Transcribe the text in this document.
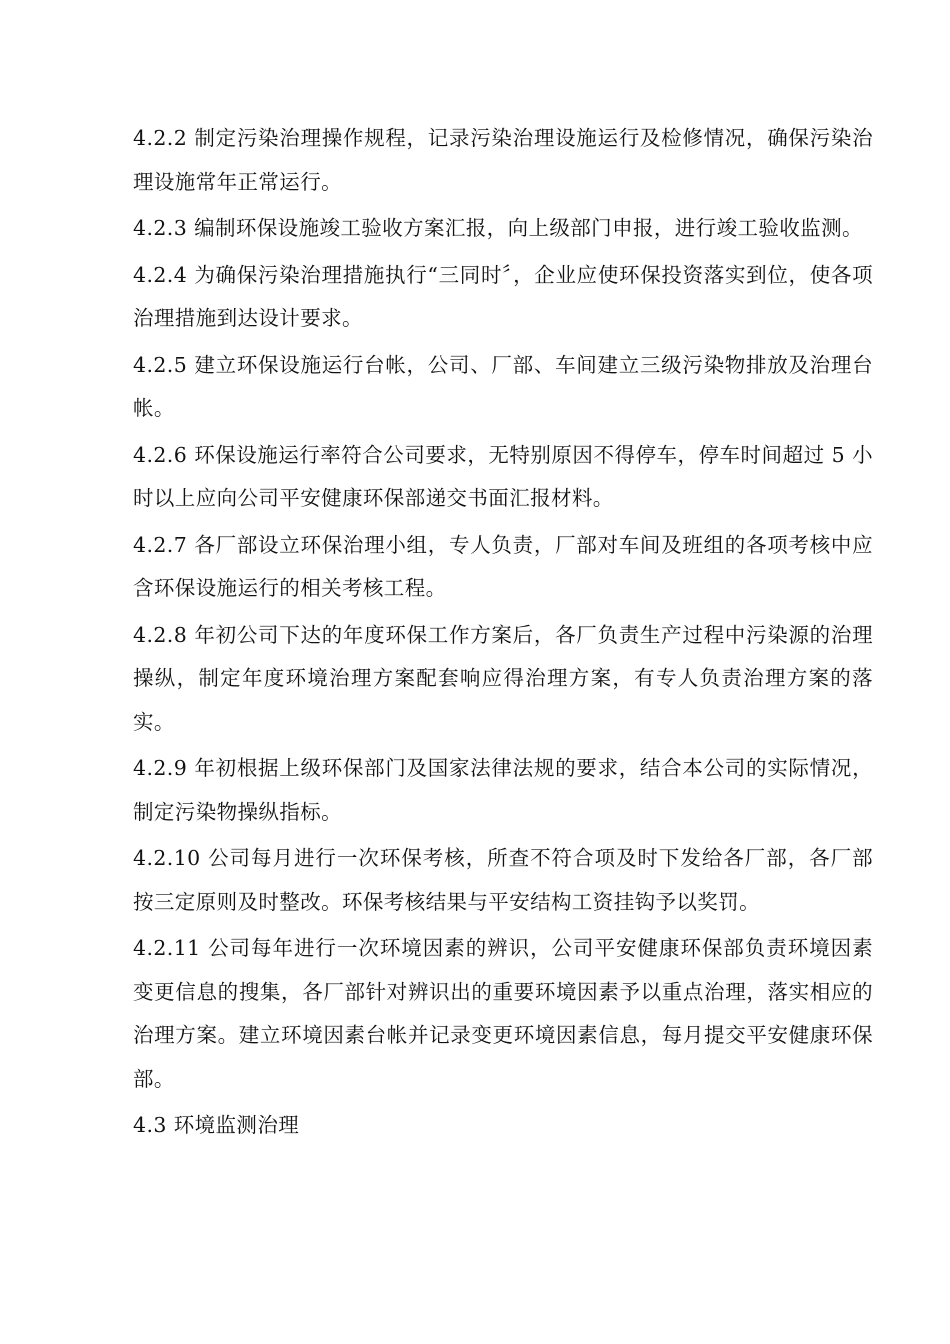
4.2.2 制定污染治理操作规程，记录污染治理设施运行及检修情况，确保污染治理设施常年正常运行。

4.2.3 编制环保设施竣工验收方案汇报，向上级部门申报，进行竣工验收监测。

4.2.4 为确保污染治理措施执行“三同时〞，企业应使环保投资落实到位，使各项治理措施到达设计要求。

4.2.5 建立环保设施运行台帐，公司、厂部、车间建立三级污染物排放及治理台帐。

4.2.6 环保设施运行率符合公司要求，无特别原因不得停车，停车时间超过 5 小时以上应向公司平安健康环保部递交书面汇报材料。

4.2.7 各厂部设立环保治理小组，专人负责，厂部对车间及班组的各项考核中应含环保设施运行的相关考核工程。

4.2.8 年初公司下达的年度环保工作方案后，各厂负责生产过程中污染源的治理操纵，制定年度环境治理方案配套响应得治理方案，有专人负责治理方案的落实。

4.2.9 年初根据上级环保部门及国家法律法规的要求，结合本公司的实际情况，制定污染物操纵指标。

4.2.10 公司每月进行一次环保考核，所查不符合项及时下发给各厂部，各厂部按三定原则及时整改。环保考核结果与平安结构工资挂钩予以奖罚。

4.2.11 公司每年进行一次环境因素的辨识，公司平安健康环保部负责环境因素变更信息的搜集，各厂部针对辨识出的重要环境因素予以重点治理，落实相应的治理方案。建立环境因素台帐并记录变更环境因素信息，每月提交平安健康环保部。

4.3 环境监测治理
